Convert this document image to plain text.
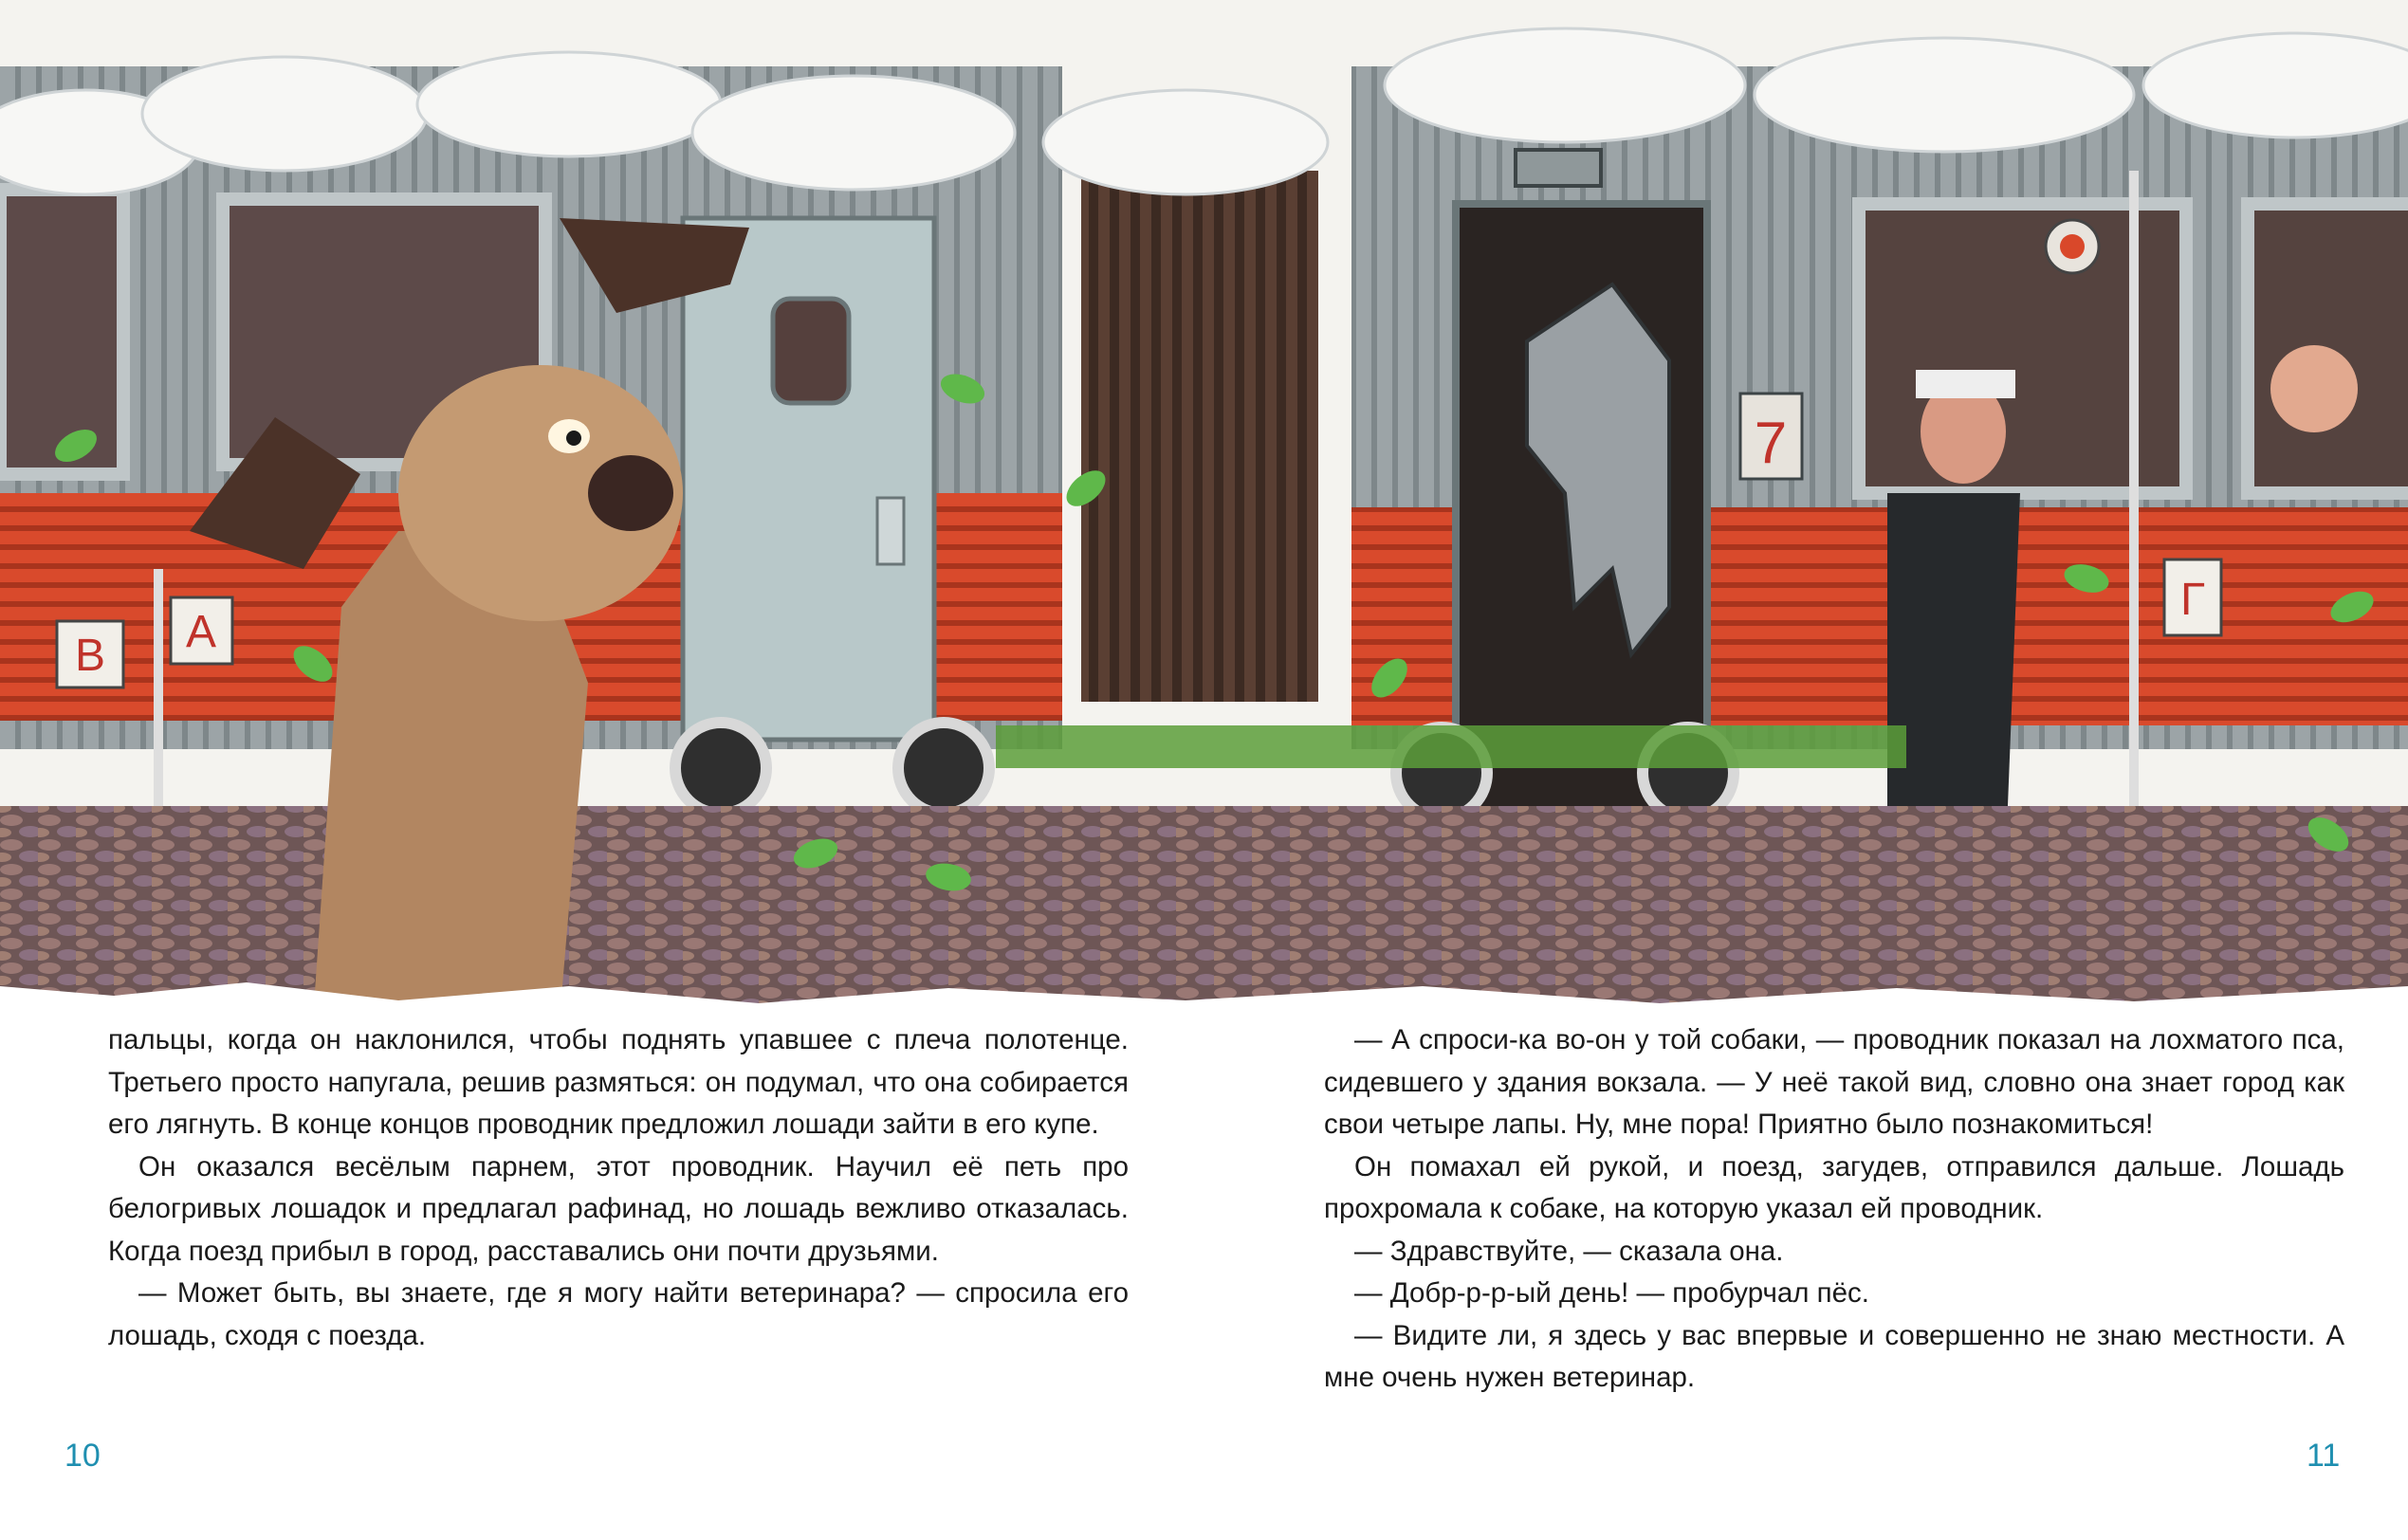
7
В А
Г

пальцы, когда он наклонился, чтобы поднять упавшее с плеча полотенце. Третьего просто напугала, решив размяться: он подумал, что она собирается его лягнуть. В конце концов проводник предложил лошади зайти в его купе.

Он оказался весёлым парнем, этот проводник. Научил её петь про белогривых лошадок и предлагал рафинад, но лошадь вежливо отказалась. Когда поезд прибыл в город, расставались они почти друзьями.

— Может быть, вы знаете, где я могу найти ветеринара? — спросила его лошадь, сходя с поезда.

— А спроси-ка во-он у той собаки, — проводник показал на лохматого пса, сидевшего у здания вокзала. — У неё такой вид, словно она знает город как свои четыре лапы. Ну, мне пора! Приятно было познакомиться!

Он помахал ей рукой, и поезд, загудев, отправился дальше. Лошадь прохромала к собаке, на которую указал ей проводник.

— Здравствуйте, — сказала она.

— Добр-р-р-ый день! — пробурчал пёс.

— Видите ли, я здесь у вас впервые и совершенно не знаю местности. А мне очень нужен ветеринар.

10	11
